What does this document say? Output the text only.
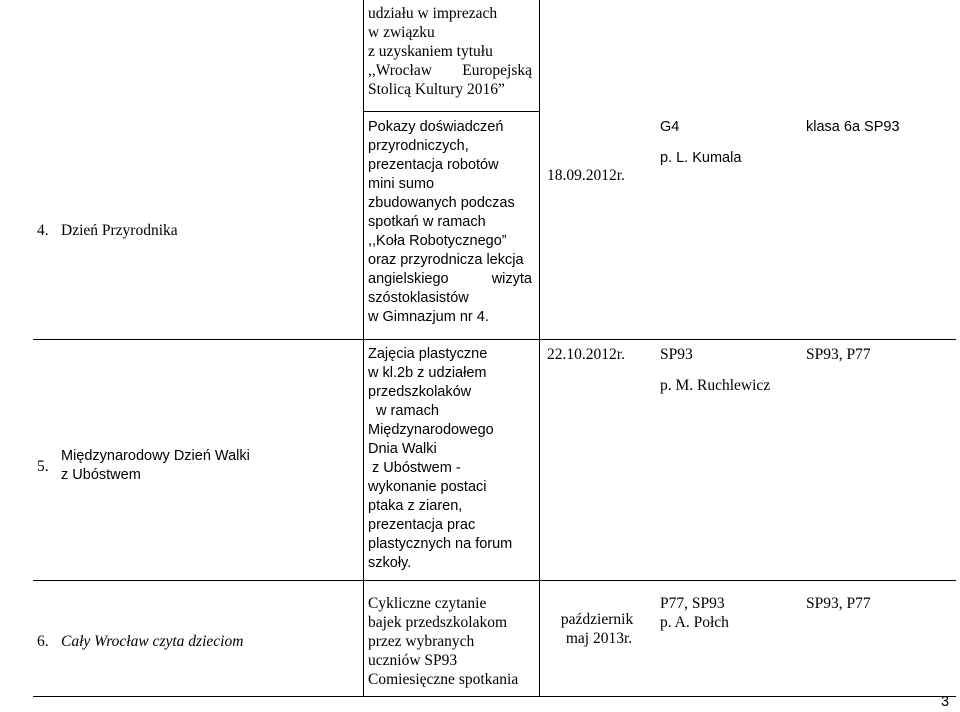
udziału w imprezach
w związku
z uzyskaniem tytułu
,,Wrocław Europejską
Stolicą Kultury 2016”
4. Dzień Przyrodnika
Pokazy doświadczeń
przyrodniczych,
prezentacja robotów
mini sumo
zbudowanych podczas
spotkań w ramach
,,Koła Robotycznego”
oraz przyrodnicza lekcja
angielskiego wizyta
szóstoklasistów
w Gimnazjum nr 4.
18.09.2012r.
G4
p. L. Kumala
klasa 6a SP93
5.
Międzynarodowy Dzień Walki
z Ubóstwem
Zajęcia plastyczne
w kl.2b z udziałem
przedszkolaków
w ramach
Międzynarodowego
Dnia Walki
z Ubóstwem -
wykonanie postaci
ptaka z ziaren,
prezentacja prac
plastycznych na forum
szkoły.
22.10.2012r. SP93
p. M. Ruchlewicz
SP93, P77
6. Cały Wrocław czyta dzieciom
Cykliczne czytanie
bajek przedszkolakom
przez wybranych
uczniów SP93
Comiesięczne spotkania
październik
maj 2013r.
P77, SP93
p. A. Połch
SP93, P77
3
